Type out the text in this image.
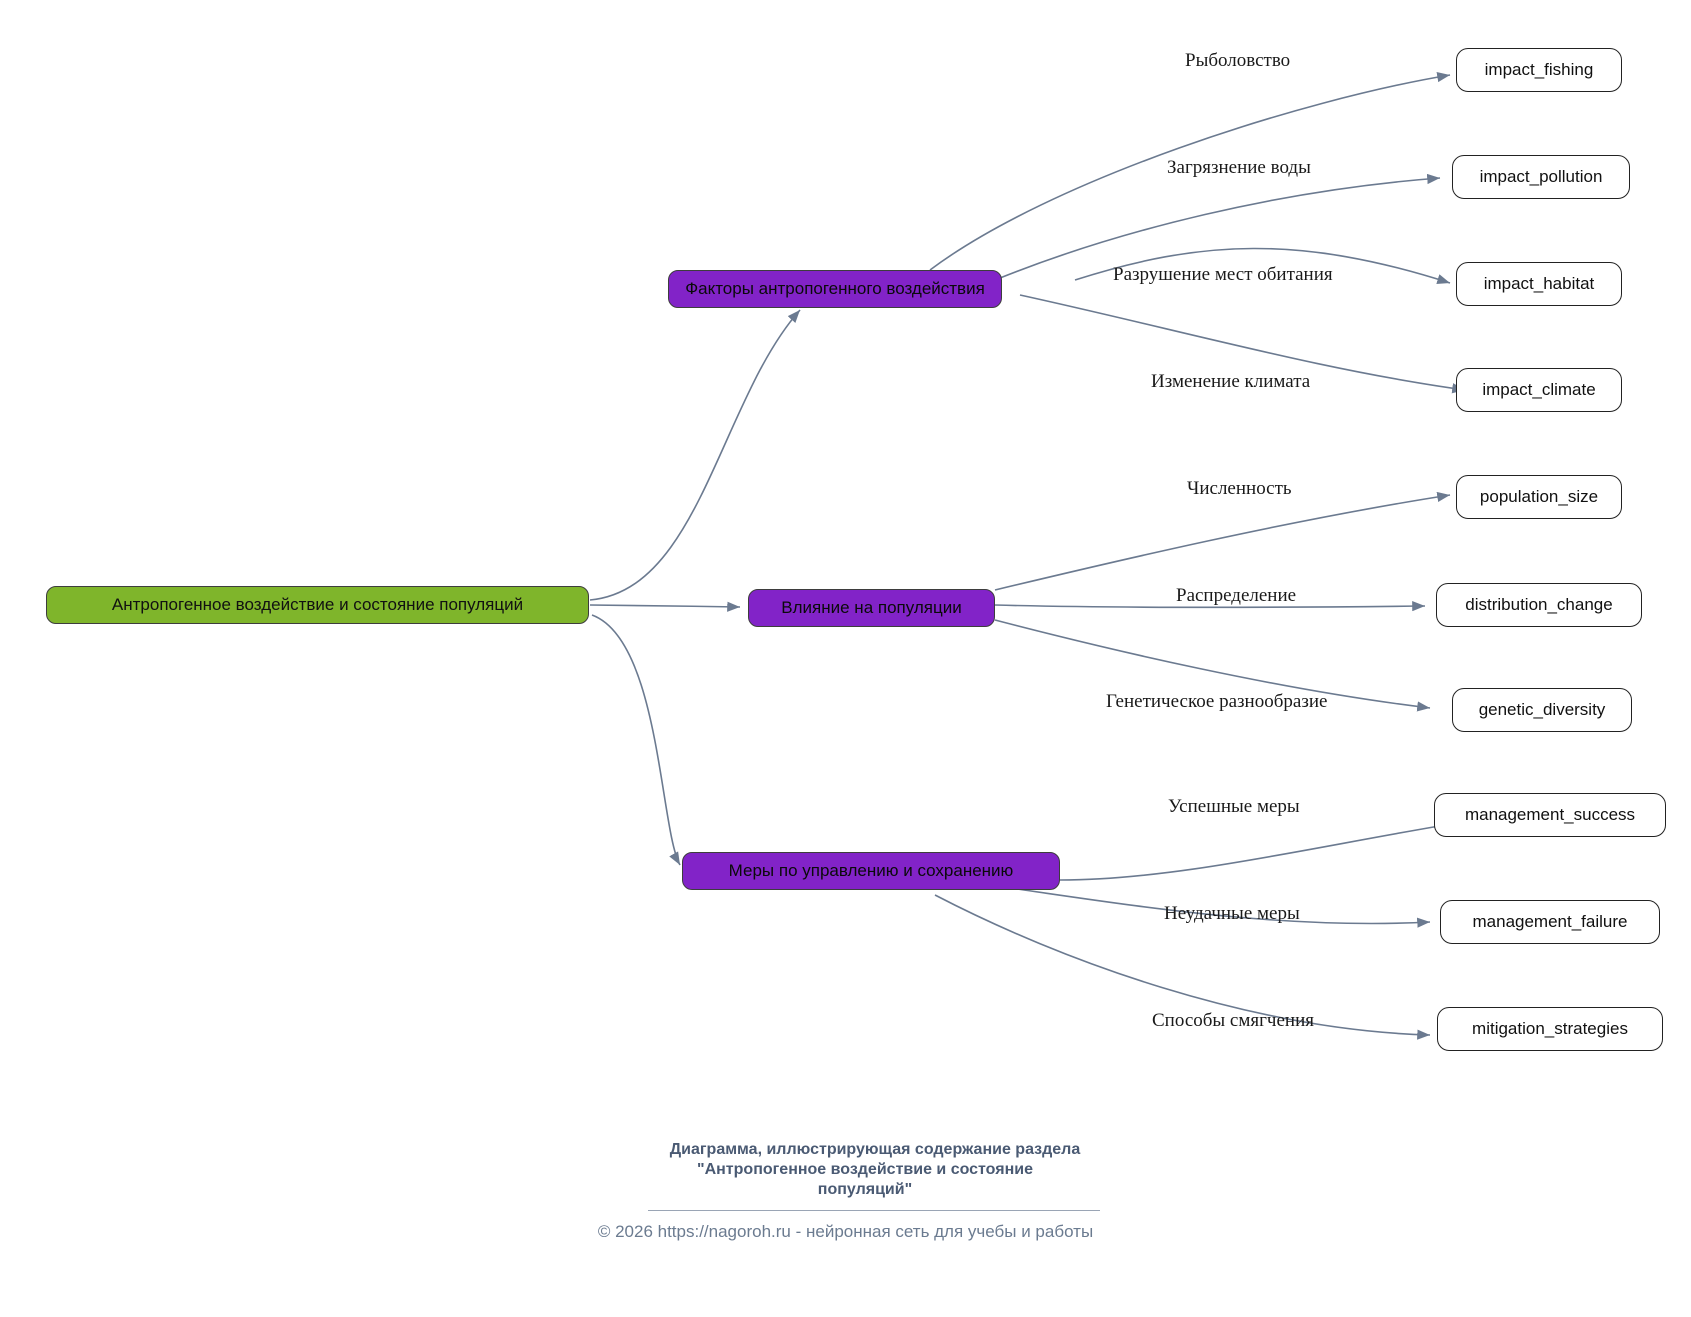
Антропогенное воздействие и состояние популяций
Факторы антропогенного воздействия
Влияние на популяции
Меры по управлению и сохранению
impact_fishing
impact_pollution
impact_habitat
impact_climate
population_size
distribution_change
genetic_diversity
management_success
management_failure
mitigation_strategies
Рыболовство
Загрязнение воды
Разрушение мест обитания
Изменение климата
Численность
Распределение
Генетическое разнообразие
Успешные меры
Неудачные меры
Способы смягчения
Диаграмма, иллюстрирующая содержание раздела
"Антропогенное воздействие и состояние
популяций"
© 2026 https://nagoroh.ru - нейронная сеть для учебы и работы
